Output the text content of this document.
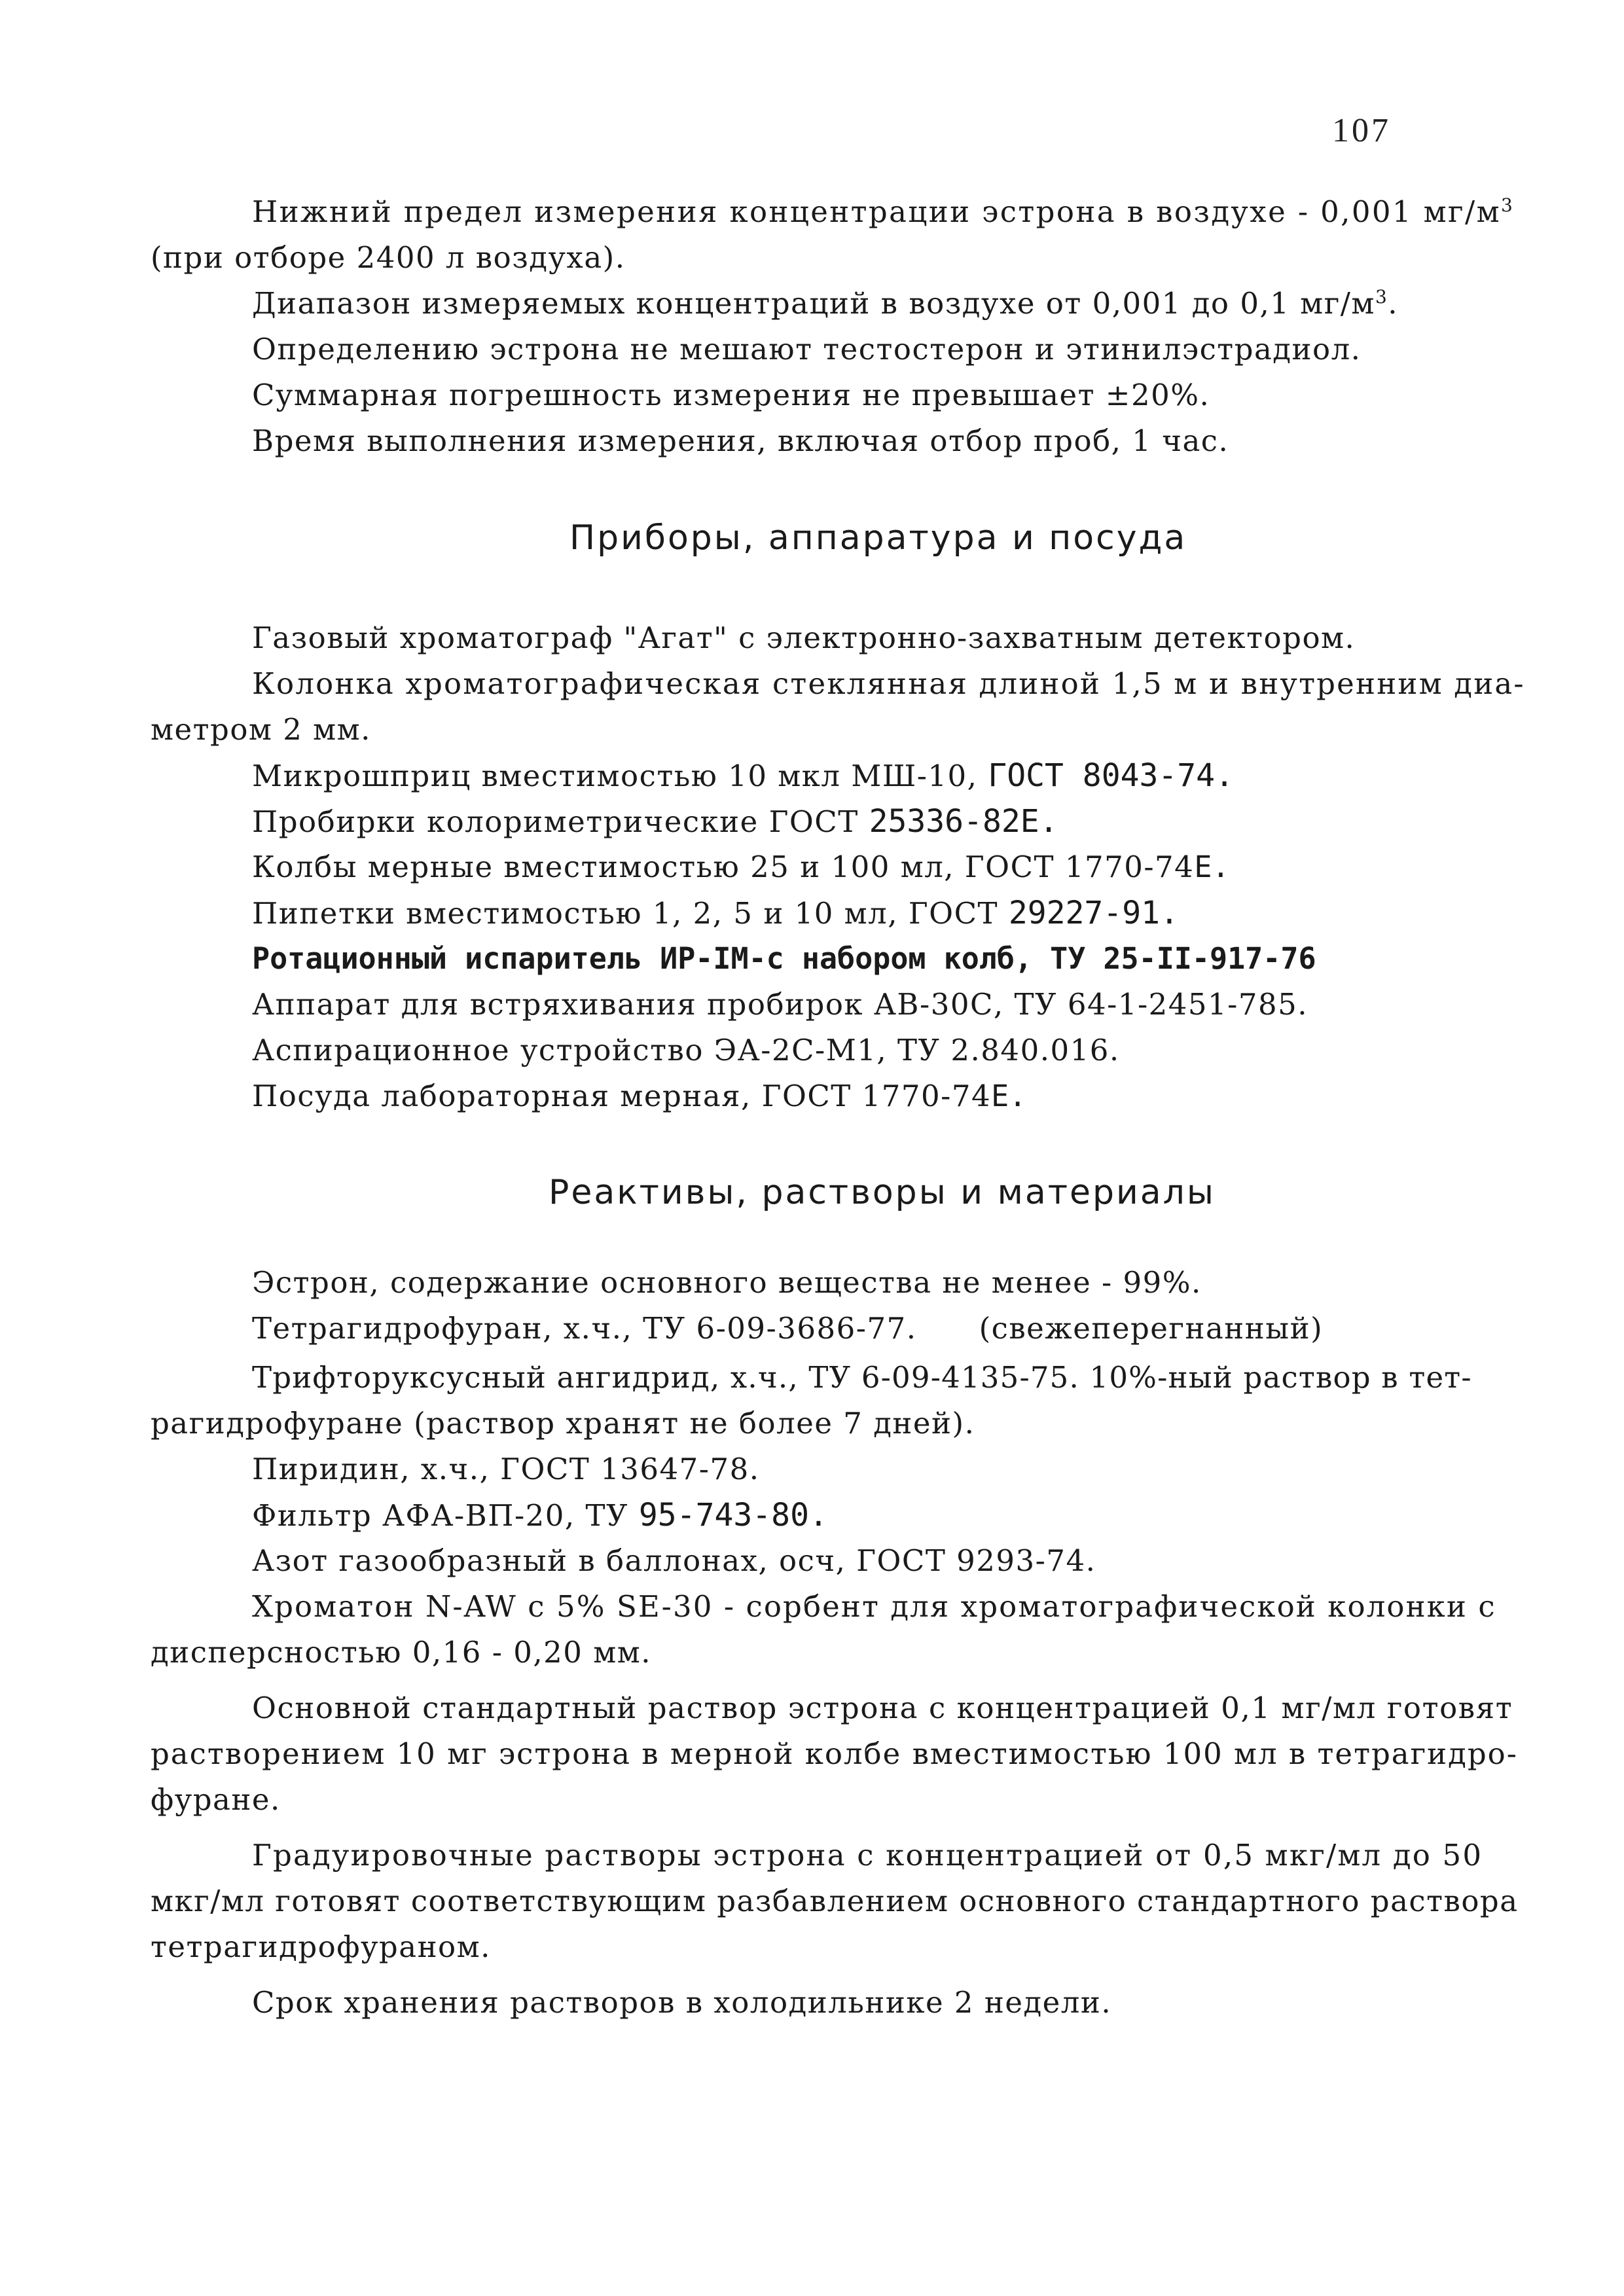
107
Нижний предел измерения концентрации эстрона в воздухе - 0,001 $мг/м^3$
(при отборе 2400 л воздуха).
Диапазон измеряемых концентраций в воздухе от 0,001 до 0,1 $мг/м^3$.
Определению эстрона не мешают тестостерон и этинилэстрадиол.
Суммарная погрешность измерения не превышает ±20%.
Время выполнения измерения, включая отбор проб, 1 час.
Приборы, аппаратура и посуда
Газовый хроматограф "Агат" с электронно-захватным детектором.
Колонка хроматографическая стеклянная длиной 1,5 м и внутренним диа-
метром 2 мм.
Микрошприц вместимостью 10 мкл МШ-10, ГОСТ 8043-74.
Пробирки колориметрические ГОСТ 25336-82Е.
Колбы мерные вместимостью 25 и 100 мл, ГОСТ 1770-74Е.
Пипетки вместимостью 1, 2, 5 и 10 мл, ГОСТ 29227-91.
Ротационный испаритель ИР-IМ-с набором колб, ТУ 25-II-917-76
Аппарат для встряхивания пробирок АВ-30С, ТУ 64-1-2451-785.
Аспирационное устройство ЭА-2С-М1, ТУ 2.840.016.
Посуда лабораторная мерная, ГОСТ 1770-74Е.
Реактивы, растворы и материалы
Эстрон, содержание основного вещества не менее - 99%.
Тетрагидрофуран, х.ч., ТУ 6-09-3686-77. (свежеперегнанный)
Трифторуксусный ангидрид, х.ч., ТУ 6-09-4135-75. 10%-ный раствор в тет-
рагидрофуране (раствор хранят не более 7 дней).
Пиридин, х.ч., ГОСТ 13647-78.
Фильтр АФА-ВП-20, ТУ 95-743-80.
Азот газообразный в баллонах, осч, ГОСТ 9293-74.
Хроматон N-AW с 5% SE-30 - сорбент для хроматографической колонки с
дисперсностью 0,16 - 0,20 мм.
Основной стандартный раствор эстрона с концентрацией 0,1 мг/мл готовят
растворением 10 мг эстрона в мерной колбе вместимостью 100 мл в тетрагидро-
фуране.
Градуировочные растворы эстрона с концентрацией от 0,5 мкг/мл до 50
мкг/мл готовят соответствующим разбавлением основного стандартного раствора
тетрагидрофураном.
Срок хранения растворов в холодильнике 2 недели.
